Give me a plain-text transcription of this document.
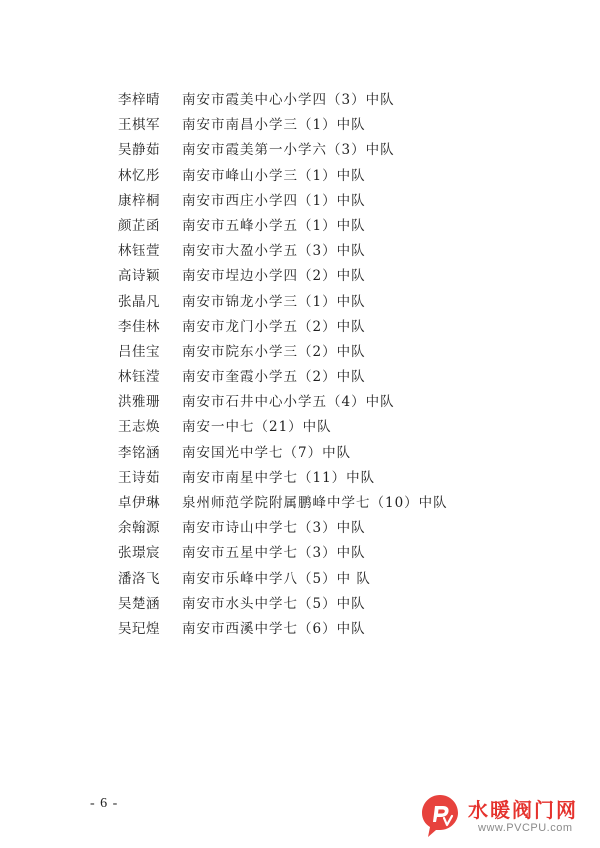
李梓晴 南安市霞美中心小学四（3）中队
王棋军 南安市南昌小学三（1）中队
吴静茹 南安市霞美第一小学六（3）中队
林忆彤 南安市峰山小学三（1）中队
康梓桐 南安市西庄小学四（1）中队
颜芷函 南安市五峰小学五（1）中队
林钰萱 南安市大盈小学五（3）中队
高诗颖 南安市埕边小学四（2）中队
张晶凡 南安市锦龙小学三（1）中队
李佳林 南安市龙门小学五（2）中队
吕佳宝 南安市院东小学三（2）中队
林钰滢 南安市奎霞小学五（2）中队
洪雅珊 南安市石井中心小学五（4）中队
王志焕 南安一中七（21）中队
李铭涵 南安国光中学七（7）中队
王诗茹 南安市南星中学七（11）中队
卓伊琳 泉州师范学院附属鹏峰中学七（10）中队
余翰源 南安市诗山中学七（3）中队
张璟宸 南安市五星中学七（3）中队
潘洛飞 南安市乐峰中学八（5）中 队
吴楚涵 南安市水头中学七（5）中队
吴玘煌 南安市西溪中学七（6）中队
- 6 -	水暖阀门网
www.PVCPU.com
